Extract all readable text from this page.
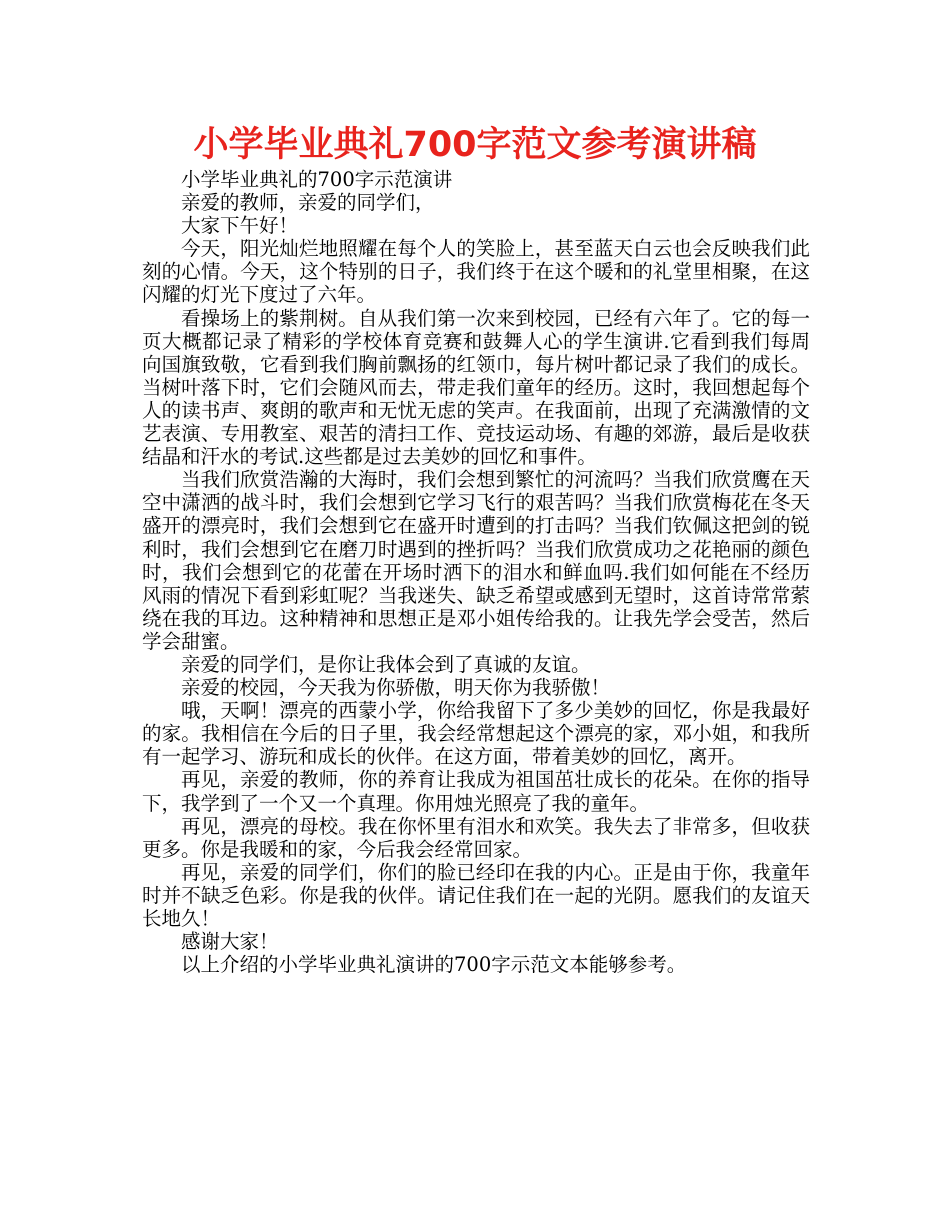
小学毕业典礼700字范文参考演讲稿

小学毕业典礼的700字示范演讲

亲爱的教师，亲爱的同学们，

大家下午好！

今天，阳光灿烂地照耀在每个人的笑脸上，甚至蓝天白云也会反映我们此刻的心情。今天，这个特别的日子，我们终于在这个暖和的礼堂里相聚，在这闪耀的灯光下度过了六年。

看操场上的紫荆树。自从我们第一次来到校园，已经有六年了。它的每一页大概都记录了精彩的学校体育竞赛和鼓舞人心的学生演讲.它看到我们每周向国旗致敬，它看到我们胸前飘扬的红领巾，每片树叶都记录了我们的成长。当树叶落下时，它们会随风而去，带走我们童年的经历。这时，我回想起每个人的读书声、爽朗的歌声和无忧无虑的笑声。在我面前，出现了充满激情的文艺表演、专用教室、艰苦的清扫工作、竞技运动场、有趣的郊游，最后是收获结晶和汗水的考试.这些都是过去美妙的回忆和事件。

当我们欣赏浩瀚的大海时，我们会想到繁忙的河流吗？当我们欣赏鹰在天空中潇洒的战斗时，我们会想到它学习飞行的艰苦吗？当我们欣赏梅花在冬天盛开的漂亮时，我们会想到它在盛开时遭到的打击吗？当我们钦佩这把剑的锐利时，我们会想到它在磨刀时遇到的挫折吗？当我们欣赏成功之花艳丽的颜色时，我们会想到它的花蕾在开场时洒下的泪水和鲜血吗.我们如何能在不经历风雨的情况下看到彩虹呢？当我迷失、缺乏希望或感到无望时，这首诗常常萦绕在我的耳边。这种精神和思想正是邓小姐传给我的。让我先学会受苦，然后学会甜蜜。

亲爱的同学们，是你让我体会到了真诚的友谊。

亲爱的校园，今天我为你骄傲，明天你为我骄傲！

哦，天啊！漂亮的西蒙小学，你给我留下了多少美妙的回忆，你是我最好的家。我相信在今后的日子里，我会经常想起这个漂亮的家，邓小姐，和我所有一起学习、游玩和成长的伙伴。在这方面，带着美妙的回忆，离开。

再见，亲爱的教师，你的养育让我成为祖国茁壮成长的花朵。在你的指导下，我学到了一个又一个真理。你用烛光照亮了我的童年。

再见，漂亮的母校。我在你怀里有泪水和欢笑。我失去了非常多，但收获更多。你是我暖和的家，今后我会经常回家。

再见，亲爱的同学们，你们的脸已经印在我的内心。正是由于你，我童年时并不缺乏色彩。你是我的伙伴。请记住我们在一起的光阴。愿我们的友谊天长地久！

感谢大家！

以上介绍的小学毕业典礼演讲的700字示范文本能够参考。
